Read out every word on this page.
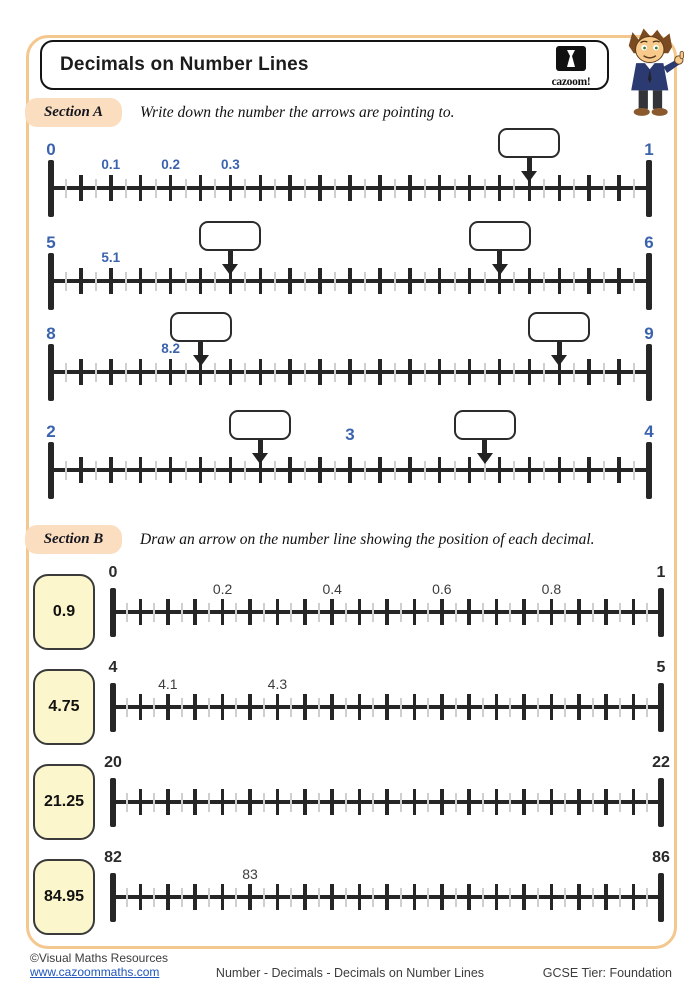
Decimals on Number Lines
cazoom!
Section A	Write down the number the arrows are pointing to.
Section B	Draw an arrow on the number line showing the position of each decimal.
©Visual Maths Resources
www.cazoommaths.com	Number - Decimals - Decimals on Number Lines	GCSE Tier: Foundation
0	1
0.1	0.2	0.3
5	6
5.1
8	9
8.2
2	4
3
0	1
0.2	0.4	0.6	0.8
0.9
4	5
4.1	4.3
4.75
20	22
21.25
82	86
83
84.95
